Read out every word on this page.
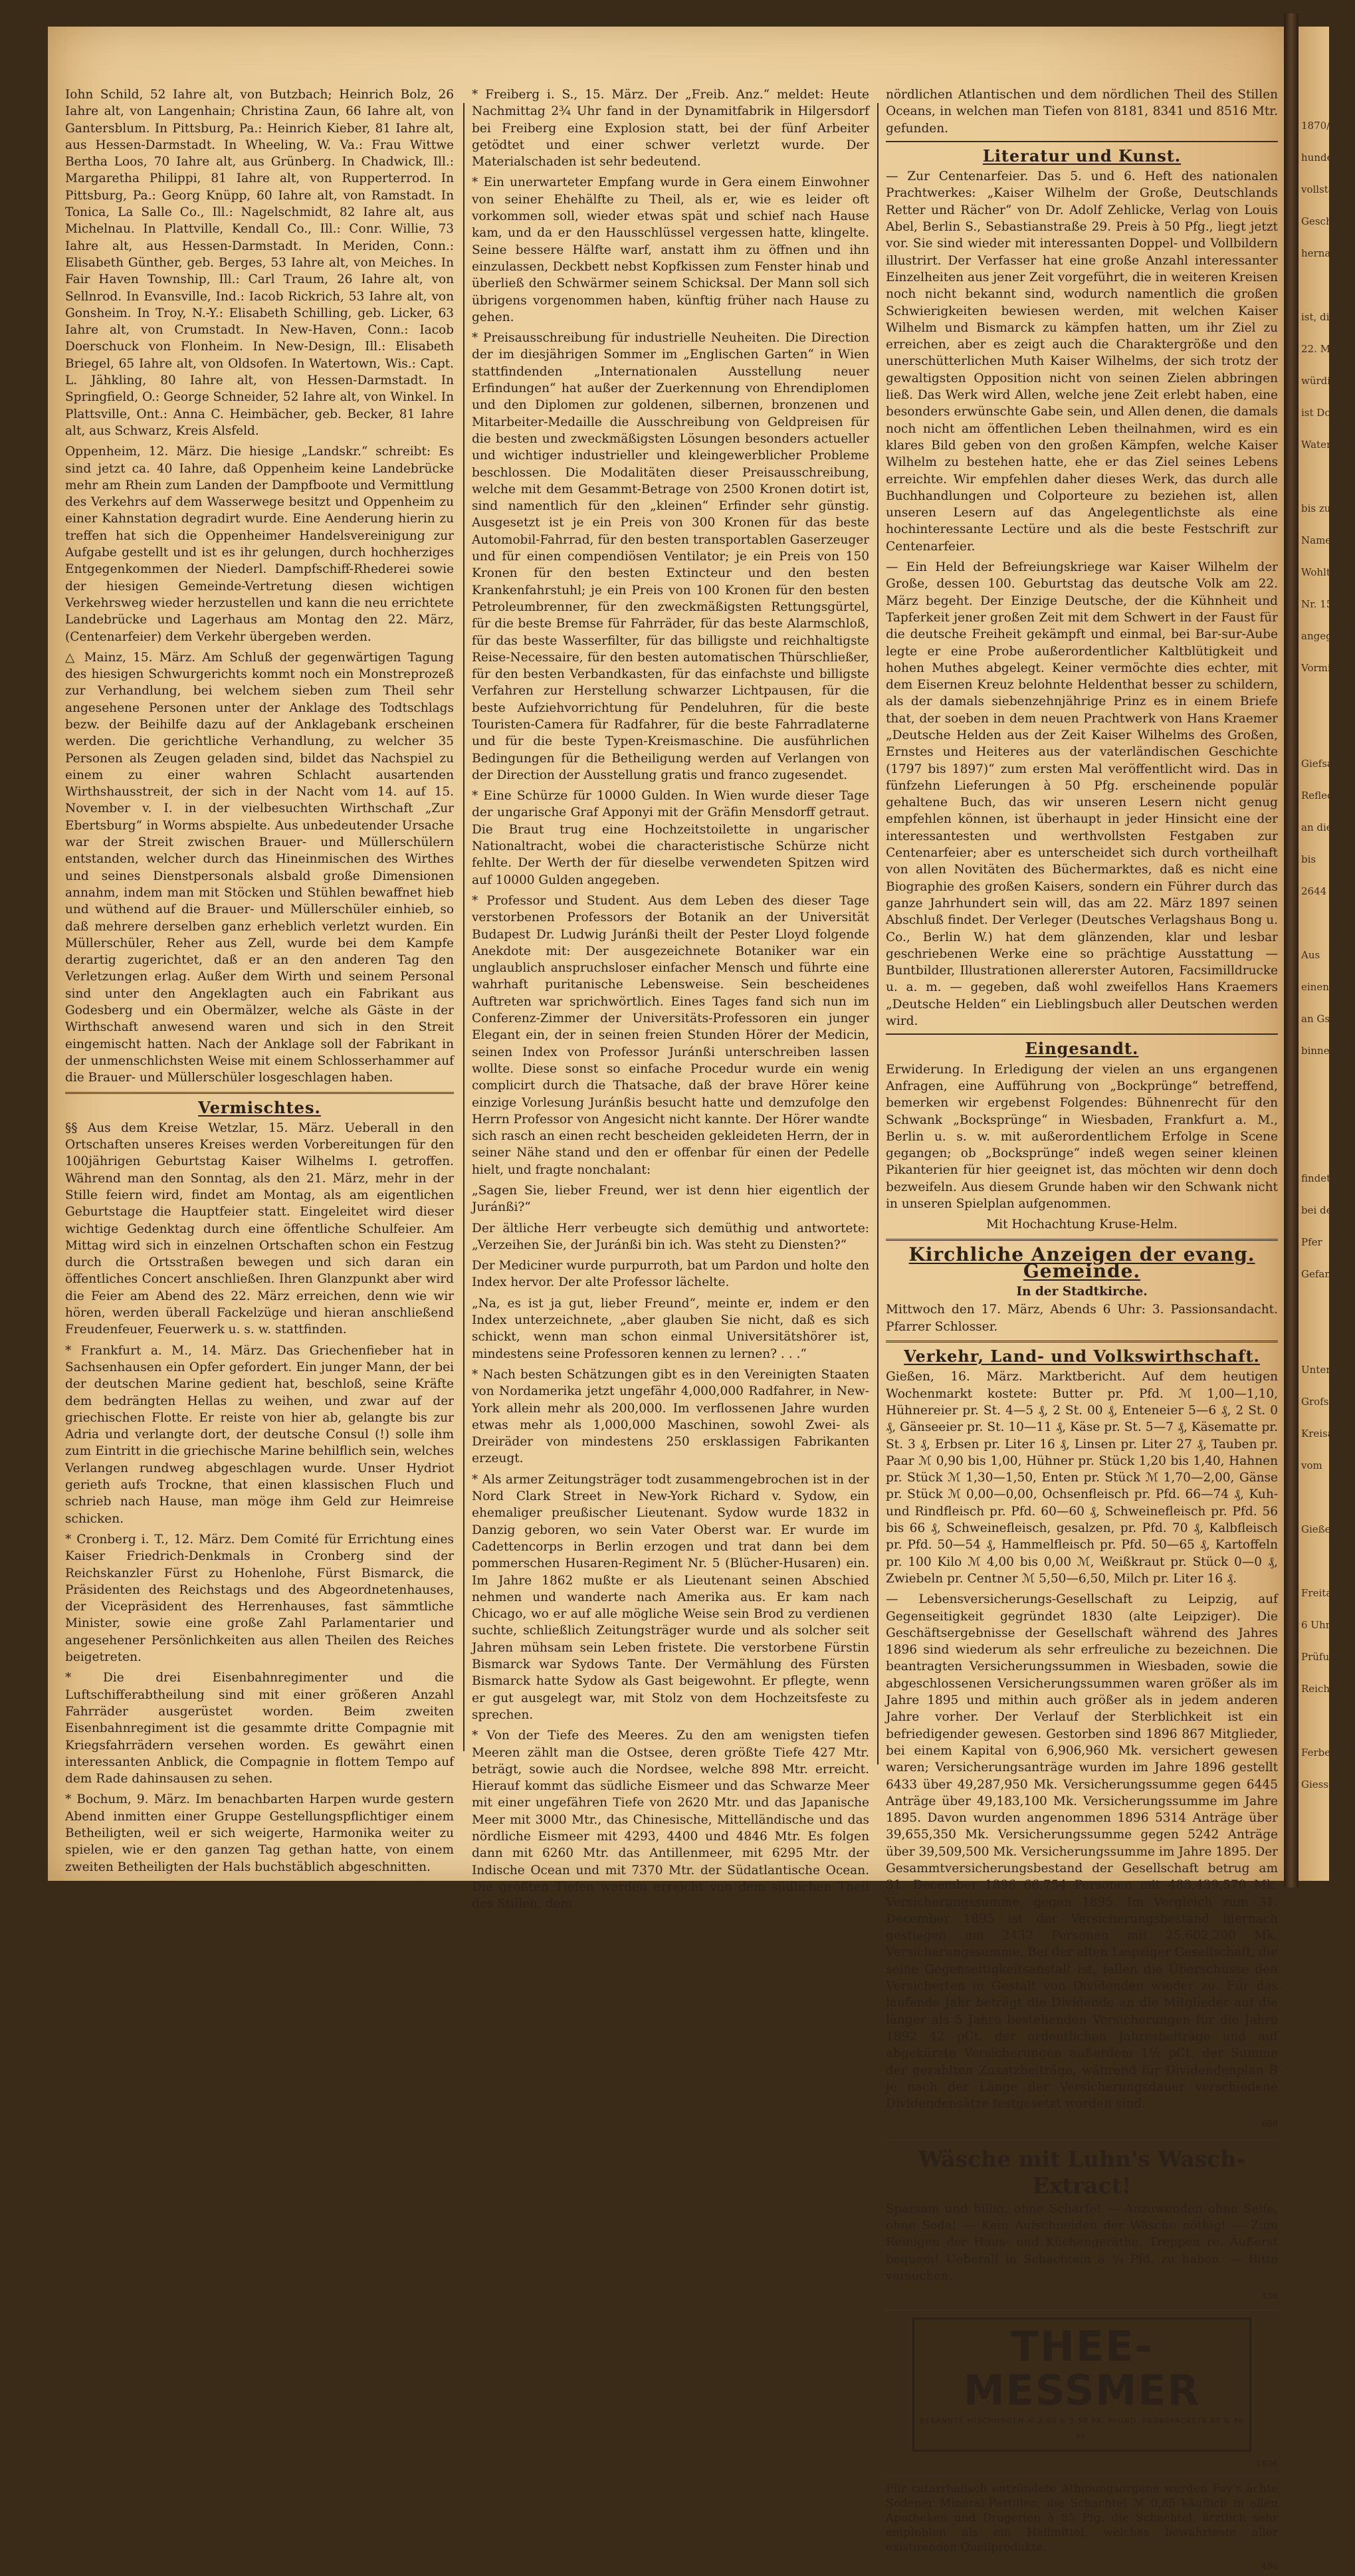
1870/1
hundert
vollsta
Gesch
herna
ist, die
22. M
würdige
ist Do
Watercow
bis zur
Namen L
Wohlthät
Nr. 15 be
angegebe
Vormitta
Giefsa
Reflecti
an die
bis
2644
Aus
einen in G
an Gsthe
binnen 14
findet zu
bei der
Pfer
Gefang
Unter b
Grofsh.
Kreisa
vom
Gieße
Freitag
6 Uhr,
Prüfung
Reich
Ferber'sch
Giessen

Iohn Schild, 52 Iahre alt, von Butzbach; Heinrich Bolz, 26 Iahre alt, von Langenhain; Christina Zaun, 66 Iahre alt, von Gantersblum. In Pittsburg, Pa.: Heinrich Kieber, 81 Iahre alt, aus Hessen-Darmstadt. In Wheeling, W. Va.: Frau Wittwe Bertha Loos, 70 Iahre alt, aus Grünberg. In Chadwick, Ill.: Margaretha Philippi, 81 Iahre alt, von Rupperterrod. In Pittsburg, Pa.: Georg Knüpp, 60 Iahre alt, von Ramstadt. In Tonica, La Salle Co., Ill.: Nagelschmidt, 82 Iahre alt, aus Michelnau. In Plattville, Kendall Co., Ill.: Conr. Willie, 73 Iahre alt, aus Hessen-Darmstadt. In Meriden, Conn.: Elisabeth Günther, geb. Berges, 53 Iahre alt, von Meiches. In Fair Haven Township, Ill.: Carl Traum, 26 Iahre alt, von Sellnrod. In Evansville, Ind.: Iacob Rickrich, 53 Iahre alt, von Gonsheim. In Troy, N.-Y.: Elisabeth Schilling, geb. Licker, 63 Iahre alt, von Crumstadt. In New-Haven, Conn.: Iacob Doerschuck von Flonheim. In New-Design, Ill.: Elisabeth Briegel, 65 Iahre alt, von Oldsofen. In Watertown, Wis.: Capt. L. Jähkling, 80 Iahre alt, von Hessen-Darmstadt. In Springfield, O.: George Schneider, 52 Iahre alt, von Winkel. In Plattsville, Ont.: Anna C. Heimbächer, geb. Becker, 81 Iahre alt, aus Schwarz, Kreis Alsfeld.

Oppenheim, 12. März. Die hiesige „Landskr.“ schreibt: Es sind jetzt ca. 40 Iahre, daß Oppenheim keine Landebrücke mehr am Rhein zum Landen der Dampfboote und Vermittlung des Verkehrs auf dem Wasserwege besitzt und Oppenheim zu einer Kahnstation degradirt wurde. Eine Aenderung hierin zu treffen hat sich die Oppenheimer Handelsvereinigung zur Aufgabe gestellt und ist es ihr gelungen, durch hochherziges Entgegenkommen der Niederl. Dampfschiff-Rhederei sowie der hiesigen Gemeinde-Vertretung diesen wichtigen Verkehrsweg wieder herzustellen und kann die neu errichtete Landebrücke und Lagerhaus am Montag den 22. März, (Centenarfeier) dem Verkehr übergeben werden.

△ Mainz, 15. März. Am Schluß der gegenwärtigen Tagung des hiesigen Schwurgerichts kommt noch ein Monstreprozeß zur Verhandlung, bei welchem sieben zum Theil sehr angesehene Personen unter der Anklage des Todtschlags bezw. der Beihilfe dazu auf der Anklagebank erscheinen werden. Die gerichtliche Verhandlung, zu welcher 35 Personen als Zeugen geladen sind, bildet das Nachspiel zu einem zu einer wahren Schlacht ausartenden Wirthshausstreit, der sich in der Nacht vom 14. auf 15. November v. I. in der vielbesuchten Wirthschaft „Zur Ebertsburg“ in Worms abspielte. Aus unbedeutender Ursache war der Streit zwischen Brauer- und Müllerschülern entstanden, welcher durch das Hineinmischen des Wirthes und seines Dienstpersonals alsbald große Dimensionen annahm, indem man mit Stöcken und Stühlen bewaffnet hieb und wüthend auf die Brauer- und Müllerschüler einhieb, so daß mehrere derselben ganz erheblich verletzt wurden. Ein Müllerschüler, Reher aus Zell, wurde bei dem Kampfe derartig zugerichtet, daß er an den anderen Tag den Verletzungen erlag. Außer dem Wirth und seinem Personal sind unter den Angeklagten auch ein Fabrikant aus Godesberg und ein Obermälzer, welche als Gäste in der Wirthschaft anwesend waren und sich in den Streit eingemischt hatten. Nach der Anklage soll der Fabrikant in der unmenschlichsten Weise mit einem Schlosserhammer auf die Brauer- und Müllerschüler losgeschlagen haben.

Vermischtes.

§§ Aus dem Kreise Wetzlar, 15. März. Ueberall in den Ortschaften unseres Kreises werden Vorbereitungen für den 100jährigen Geburtstag Kaiser Wilhelms I. getroffen. Während man den Sonntag, als den 21. März, mehr in der Stille feiern wird, findet am Montag, als am eigentlichen Geburtstage die Hauptfeier statt. Eingeleitet wird dieser wichtige Gedenktag durch eine öffentliche Schulfeier. Am Mittag wird sich in einzelnen Ortschaften schon ein Festzug durch die Ortsstraßen bewegen und sich daran ein öffentliches Concert anschließen. Ihren Glanzpunkt aber wird die Feier am Abend des 22. März erreichen, denn wie wir hören, werden überall Fackelzüge und hieran anschließend Freudenfeuer, Feuerwerk u. s. w. stattfinden.

* Frankfurt a. M., 14. März. Das Griechenfieber hat in Sachsenhausen ein Opfer gefordert. Ein junger Mann, der bei der deutschen Marine gedient hat, beschloß, seine Kräfte dem bedrängten Hellas zu weihen, und zwar auf der griechischen Flotte. Er reiste von hier ab, gelangte bis zur Adria und verlangte dort, der deutsche Consul (!) solle ihm zum Eintritt in die griechische Marine behilflich sein, welches Verlangen rundweg abgeschlagen wurde. Unser Hydriot gerieth aufs Trockne, that einen klassischen Fluch und schrieb nach Hause, man möge ihm Geld zur Heimreise schicken.

* Cronberg i. T., 12. März. Dem Comité für Errichtung eines Kaiser Friedrich-Denkmals in Cronberg sind der Reichskanzler Fürst zu Hohenlohe, Fürst Bismarck, die Präsidenten des Reichstags und des Abgeordnetenhauses, der Vicepräsident des Herrenhauses, fast sämmtliche Minister, sowie eine große Zahl Parlamentarier und angesehener Persönlichkeiten aus allen Theilen des Reiches beigetreten.

* Die drei Eisenbahnregimenter und die Luftschifferabtheilung sind mit einer größeren Anzahl Fahrräder ausgerüstet worden. Beim zweiten Eisenbahnregiment ist die gesammte dritte Compagnie mit Kriegsfahrrädern versehen worden. Es gewährt einen interessanten Anblick, die Compagnie in flottem Tempo auf dem Rade dahinsausen zu sehen.

* Bochum, 9. März. Im benachbarten Harpen wurde gestern Abend inmitten einer Gruppe Gestellungspflichtiger einem Betheiligten, weil er sich weigerte, Harmonika weiter zu spielen, wie er den ganzen Tag gethan hatte, von einem zweiten Betheiligten der Hals buchstäblich abgeschnitten.

* Freiberg i. S., 15. März. Der „Freib. Anz.“ meldet: Heute Nachmittag 2¾ Uhr fand in der Dynamitfabrik in Hilgersdorf bei Freiberg eine Explosion statt, bei der fünf Arbeiter getödtet und einer schwer verletzt wurde. Der Materialschaden ist sehr bedeutend.

* Ein unerwarteter Empfang wurde in Gera einem Einwohner von seiner Ehehälfte zu Theil, als er, wie es leider oft vorkommen soll, wieder etwas spät und schief nach Hause kam, und da er den Hausschlüssel vergessen hatte, klingelte. Seine bessere Hälfte warf, anstatt ihm zu öffnen und ihn einzulassen, Deckbett nebst Kopfkissen zum Fenster hinab und überließ den Schwärmer seinem Schicksal. Der Mann soll sich übrigens vorgenommen haben, künftig früher nach Hause zu gehen.

* Preisausschreibung für industrielle Neuheiten. Die Direction der im diesjährigen Sommer im „Englischen Garten“ in Wien stattfindenden „Internationalen Ausstellung neuer Erfindungen“ hat außer der Zuerkennung von Ehrendiplomen und den Diplomen zur goldenen, silbernen, bronzenen und Mitarbeiter-Medaille die Ausschreibung von Geldpreisen für die besten und zweckmäßigsten Lösungen besonders actueller und wichtiger industrieller und kleingewerblicher Probleme beschlossen. Die Modalitäten dieser Preisausschreibung, welche mit dem Gesammt-Betrage von 2500 Kronen dotirt ist, sind namentlich für den „kleinen“ Erfinder sehr günstig. Ausgesetzt ist je ein Preis von 300 Kronen für das beste Automobil-Fahrrad, für den besten transportablen Gaserzeuger und für einen compendiösen Ventilator; je ein Preis von 150 Kronen für den besten Extincteur und den besten Krankenfahrstuhl; je ein Preis von 100 Kronen für den besten Petroleumbrenner, für den zweckmäßigsten Rettungsgürtel, für die beste Bremse für Fahrräder, für das beste Alarmschloß, für das beste Wasserfilter, für das billigste und reichhaltigste Reise-Necessaire, für den besten automatischen Thürschließer, für den besten Verbandkasten, für das einfachste und billigste Verfahren zur Herstellung schwarzer Lichtpausen, für die beste Aufziehvorrichtung für Pendeluhren, für die beste Touristen-Camera für Radfahrer, für die beste Fahrradlaterne und für die beste Typen-Kreismaschine. Die ausführlichen Bedingungen für die Betheiligung werden auf Verlangen von der Direction der Ausstellung gratis und franco zugesendet.

* Eine Schürze für 10000 Gulden. In Wien wurde dieser Tage der ungarische Graf Apponyi mit der Gräfin Mensdorff getraut. Die Braut trug eine Hochzeitstoilette in ungarischer Nationaltracht, wobei die characteristische Schürze nicht fehlte. Der Werth der für dieselbe verwendeten Spitzen wird auf 10000 Gulden angegeben.

* Professor und Student. Aus dem Leben des dieser Tage verstorbenen Professors der Botanik an der Universität Budapest Dr. Ludwig Juránßi theilt der Pester Lloyd folgende Anekdote mit: Der ausgezeichnete Botaniker war ein unglaublich anspruchsloser einfacher Mensch und führte eine wahrhaft puritanische Lebensweise. Sein bescheidenes Auftreten war sprichwörtlich. Eines Tages fand sich nun im Conferenz-Zimmer der Universitäts-Professoren ein junger Elegant ein, der in seinen freien Stunden Hörer der Medicin, seinen Index von Professor Juránßi unterschreiben lassen wollte. Diese sonst so einfache Procedur wurde ein wenig complicirt durch die Thatsache, daß der brave Hörer keine einzige Vorlesung Juránßis besucht hatte und demzufolge den Herrn Professor von Angesicht nicht kannte. Der Hörer wandte sich rasch an einen recht bescheiden gekleideten Herrn, der in seiner Nähe stand und den er offenbar für einen der Pedelle hielt, und fragte nonchalant:

„Sagen Sie, lieber Freund, wer ist denn hier eigentlich der Juránßi?“

Der ältliche Herr verbeugte sich demüthig und antwortete: „Verzeihen Sie, der Juránßi bin ich. Was steht zu Diensten?“

Der Mediciner wurde purpurroth, bat um Pardon und holte den Index hervor. Der alte Professor lächelte.

„Na, es ist ja gut, lieber Freund“, meinte er, indem er den Index unterzeichnete, „aber glauben Sie nicht, daß es sich schickt, wenn man schon einmal Universitätshörer ist, mindestens seine Professoren kennen zu lernen? . . .“

* Nach besten Schätzungen gibt es in den Vereinigten Staaten von Nordamerika jetzt ungefähr 4,000,000 Radfahrer, in New-York allein mehr als 200,000. Im verflossenen Jahre wurden etwas mehr als 1,000,000 Maschinen, sowohl Zwei- als Dreiräder von mindestens 250 ersklassigen Fabrikanten erzeugt.

* Als armer Zeitungsträger todt zusammengebrochen ist in der Nord Clark Street in New-York Richard v. Sydow, ein ehemaliger preußischer Lieutenant. Sydow wurde 1832 in Danzig geboren, wo sein Vater Oberst war. Er wurde im Cadettencorps in Berlin erzogen und trat dann bei dem pommerschen Husaren-Regiment Nr. 5 (Blücher-Husaren) ein. Im Jahre 1862 mußte er als Lieutenant seinen Abschied nehmen und wanderte nach Amerika aus. Er kam nach Chicago, wo er auf alle mögliche Weise sein Brod zu verdienen suchte, schließlich Zeitungsträger wurde und als solcher seit Jahren mühsam sein Leben fristete. Die verstorbene Fürstin Bismarck war Sydows Tante. Der Vermählung des Fürsten Bismarck hatte Sydow als Gast beigewohnt. Er pflegte, wenn er gut ausgelegt war, mit Stolz von dem Hochzeitsfeste zu sprechen.

* Von der Tiefe des Meeres. Zu den am wenigsten tiefen Meeren zählt man die Ostsee, deren größte Tiefe 427 Mtr. beträgt, sowie auch die Nordsee, welche 898 Mtr. erreicht. Hierauf kommt das südliche Eismeer und das Schwarze Meer mit einer ungefähren Tiefe von 2620 Mtr. und das Japanische Meer mit 3000 Mtr., das Chinesische, Mittelländische und das nördliche Eismeer mit 4293, 4400 und 4846 Mtr. Es folgen dann mit 6260 Mtr. das Antillenmeer, mit 6295 Mtr. der Indische Ocean und mit 7370 Mtr. der Südatlantische Ocean. Die größten Tiefen werden erreicht von dem südlichen Theil des Stillen, dem

nördlichen Atlantischen und dem nördlichen Theil des Stillen Oceans, in welchen man Tiefen von 8181, 8341 und 8516 Mtr. gefunden.

Literatur und Kunst.

— Zur Centenarfeier. Das 5. und 6. Heft des nationalen Prachtwerkes: „Kaiser Wilhelm der Große, Deutschlands Retter und Rächer“ von Dr. Adolf Zehlicke, Verlag von Louis Abel, Berlin S., Sebastianstraße 29. Preis à 50 Pfg., liegt jetzt vor. Sie sind wieder mit interessanten Doppel- und Vollbildern illustrirt. Der Verfasser hat eine große Anzahl interessanter Einzelheiten aus jener Zeit vorgeführt, die in weiteren Kreisen noch nicht bekannt sind, wodurch namentlich die großen Schwierigkeiten bewiesen werden, mit welchen Kaiser Wilhelm und Bismarck zu kämpfen hatten, um ihr Ziel zu erreichen, aber es zeigt auch die Charaktergröße und den unerschütterlichen Muth Kaiser Wilhelms, der sich trotz der gewaltigsten Opposition nicht von seinen Zielen abbringen ließ. Das Werk wird Allen, welche jene Zeit erlebt haben, eine besonders erwünschte Gabe sein, und Allen denen, die damals noch nicht am öffentlichen Leben theilnahmen, wird es ein klares Bild geben von den großen Kämpfen, welche Kaiser Wilhelm zu bestehen hatte, ehe er das Ziel seines Lebens erreichte. Wir empfehlen daher dieses Werk, das durch alle Buchhandlungen und Colporteure zu beziehen ist, allen unseren Lesern auf das Angelegentlichste als eine hochinteressante Lectüre und als die beste Festschrift zur Centenarfeier.

— Ein Held der Befreiungskriege war Kaiser Wilhelm der Große, dessen 100. Geburtstag das deutsche Volk am 22. März begeht. Der Einzige Deutsche, der die Kühnheit und Tapferkeit jener großen Zeit mit dem Schwert in der Faust für die deutsche Freiheit gekämpft und einmal, bei Bar-sur-Aube legte er eine Probe außerordentlicher Kaltblütigkeit und hohen Muthes abgelegt. Keiner vermöchte dies echter, mit dem Eisernen Kreuz belohnte Heldenthat besser zu schildern, als der damals siebenzehnjährige Prinz es in einem Briefe that, der soeben in dem neuen Prachtwerk von Hans Kraemer „Deutsche Helden aus der Zeit Kaiser Wilhelms des Großen, Ernstes und Heiteres aus der vaterländischen Geschichte (1797 bis 1897)“ zum ersten Mal veröffentlicht wird. Das in fünfzehn Lieferungen à 50 Pfg. erscheinende populär gehaltene Buch, das wir unseren Lesern nicht genug empfehlen können, ist überhaupt in jeder Hinsicht eine der interessantesten und werthvollsten Festgaben zur Centenarfeier; aber es unterscheidet sich durch vortheilhaft von allen Novitäten des Büchermarktes, daß es nicht eine Biographie des großen Kaisers, sondern ein Führer durch das ganze Jahrhundert sein will, das am 22. März 1897 seinen Abschluß findet. Der Verleger (Deutsches Verlagshaus Bong u. Co., Berlin W.) hat dem glänzenden, klar und lesbar geschriebenen Werke eine so prächtige Ausstattung — Buntbilder, Illustrationen allererster Autoren, Facsimilldrucke u. a. m. — gegeben, daß wohl zweifellos Hans Kraemers „Deutsche Helden“ ein Lieblingsbuch aller Deutschen werden wird.

Eingesandt.

Erwiderung. In Erledigung der vielen an uns ergangenen Anfragen, eine Aufführung von „Bockprünge“ betreffend, bemerken wir ergebenst Folgendes: Bühnenrecht für den Schwank „Bocksprünge“ in Wiesbaden, Frankfurt a. M., Berlin u. s. w. mit außerordentlichem Erfolge in Scene gegangen; ob „Bocksprünge“ indeß wegen seiner kleinen Pikanterien für hier geeignet ist, das möchten wir denn doch bezweifeln. Aus diesem Grunde haben wir den Schwank nicht in unseren Spielplan aufgenommen.

Mit Hochachtung Kruse-Helm.

Kirchliche Anzeigen der evang. Gemeinde.
In der Stadtkirche.

Mittwoch den 17. März, Abends 6 Uhr: 3. Passionsandacht. Pfarrer Schlosser.

Verkehr, Land- und Volkswirthschaft.

Gießen, 16. März. Marktbericht. Auf dem heutigen Wochenmarkt kostete: Butter pr. Pfd. ℳ 1,00—1,10, Hühnereier pr. St. 4—5 ₰, 2 St. 00 ₰, Enteneier 5—6 ₰, 2 St. 0 ₰, Gänseeier pr. St. 10—11 ₰, Käse pr. St. 5—7 ₰, Käsematte pr. St. 3 ₰, Erbsen pr. Liter 16 ₰, Linsen pr. Liter 27 ₰, Tauben pr. Paar ℳ 0,90 bis 1,00, Hühner pr. Stück 1,20 bis 1,40, Hahnen pr. Stück ℳ 1,30—1,50, Enten pr. Stück ℳ 1,70—2,00, Gänse pr. Stück ℳ 0,00—0,00, Ochsenfleisch pr. Pfd. 66—74 ₰, Kuh- und Rindfleisch pr. Pfd. 60—60 ₰, Schweinefleisch pr. Pfd. 56 bis 66 ₰, Schweinefleisch, gesalzen, pr. Pfd. 70 ₰, Kalbfleisch pr. Pfd. 50—54 ₰, Hammelfleisch pr. Pfd. 50—65 ₰, Kartoffeln pr. 100 Kilo ℳ 4,00 bis 0,00 ℳ, Weißkraut pr. Stück 0—0 ₰, Zwiebeln pr. Centner ℳ 5,50—6,50, Milch pr. Liter 16 ₰.

— Lebensversicherungs-Gesellschaft zu Leipzig, auf Gegenseitigkeit gegründet 1830 (alte Leipziger). Die Geschäftsergebnisse der Gesellschaft während des Jahres 1896 sind wiederum als sehr erfreuliche zu bezeichnen. Die beantragten Versicherungssummen in Wiesbaden, sowie die abgeschlossenen Versicherungssummen waren größer als im Jahre 1895 und mithin auch größer als in jedem anderen Jahre vorher. Der Verlauf der Sterblichkeit ist ein befriedigender gewesen. Gestorben sind 1896 867 Mitglieder, bei einem Kapital von 6,906,960 Mk. versichert gewesen waren; Versicherungsanträge wurden im Jahre 1896 gestellt 6433 über 49,287,950 Mk. Versicherungssumme gegen 6445 Anträge über 49,183,100 Mk. Versicherungssumme im Jahre 1895. Davon wurden angenommen 1896 5314 Anträge über 39,655,350 Mk. Versicherungssumme gegen 5242 Anträge über 39,509,500 Mk. Versicherungssumme im Jahre 1895. Der Gesammtversicherungsbestand der Gesellschaft betrug am 31. December 1896 66,754 Personen mit 483,439,570 Mk. Versicherungssumme, gegen 1895. Im Vergleich zum 31. December 1895 ist der Versicherungsbestand hiernach gestiegen um 2432 Personen mit 25,602,200 Mk. Versicherungssumme. Bei der alten Leipziger Gesellschaft, die seine Gegenseitigkeitsanstalt ist, fallen die Überschüsse den Versicherten in Gestalt von Dividenden wieder zu. Für das laufende Jahr beträgt die Dividende an die Mitglieder auf die länger als 5 Jahre bestehenden Versicherungen für die Jahre 1892 42 pCt. der ordentlichen Jahresbeiträge und auf abgekürzte Versicherungen außerdem 1½ pCt. der Summe der gezahlten Zusatzbeiträge, während für Dividendenplan B je nach der Länge der Versicherungsdauer verschiedene Dividendensätze festgesetzt worden sind.

668
Wäsche mit Luhn's Wasch-Extract!

Sparsam und billig, ohne Schärfe! — Anzuwenden ohne Seife, ohne Soda! — Kein Aufschneiden der Wäsche nöthig! — Zum Reinigen der Haus- und Küchengeräthe, Treppen rc. Äußerst bequem! Ueberall in Schachteln à ¼ Pfd. zu haben. — Bitte versuchen.

436
THEE-MESSMER
BEKANNTE MISCHUNGEN Ⓜ 2.80 & 3.50 PR. PFUND. PROBEPACKETE 60 & 80 PF.
1836

Für catarrhalisch entzündete Athmungsorgane werden Fay's ächte Sodener Mineral-Pastillen, die Schachtel ℳ 0,85 käuflich in allen Apotheken und Drogerien à 85 Pfg. die Schachtel, ärztlich sehr empfohlen als ein Heilmittel, welches bewährteste aller existirenden Quellprodukte.

496
